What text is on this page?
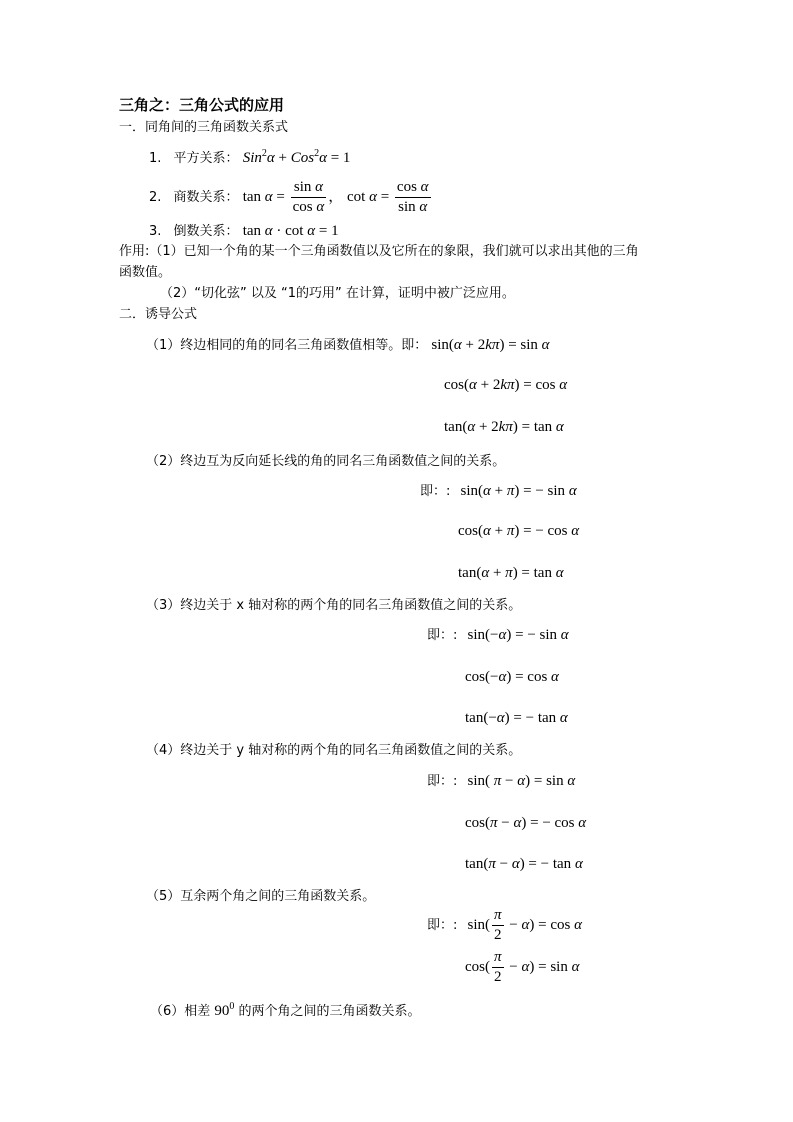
三角之：三角公式的应用
一．同角间的三角函数关系式
1. 平方关系： Sin$^2$α + Cos$^2$α = 1
2. 商数关系： $\tan \alpha = \frac{\text{sin α}}{\text{cos α}}$ ， $\cot \alpha = \frac{\text{cos α}}{\text{sin α}}$
3. 倒数关系： tan α · cot α = 1
作用:（1）已知一个角的某一个三角函数值以及它所在的象限，我们就可以求出其他的三角
函数值。
（2）“切化弦” 以及 “1的巧用” 在计算，证明中被广泛应用。
二．诱导公式
（1）终边相同的角的同名三角函数值相等。即： sin(α + 2kπ) = sin α
cos(α + 2kπ) = cos α
tan(α + 2kπ) = tan α
（2）终边互为反向延长线的角的同名三角函数值之间的关系。
即：: sin(α + π) = − sin α
cos(α + π) = − cos α
tan(α + π) = tan α
（3）终边关于 x 轴对称的两个角的同名三角函数值之间的关系。
即：: sin(−α) = − sin α
cos(−α) = cos α
tan(−α) = − tan α
（4）终边关于 y 轴对称的两个角的同名三角函数值之间的关系。
即：: sin( π − α) = sin α
cos(π − α) = − cos α
tan(π − α) = − tan α
（5）互余两个角之间的三角函数关系。
即：: $\sin( \frac{\pi}{2} - \alpha) = \cos \alpha$
$\cos( \frac{\pi}{2} - \alpha) = \sin \alpha$
（6）相差 $90^0$ 的两个角之间的三角函数关系。
